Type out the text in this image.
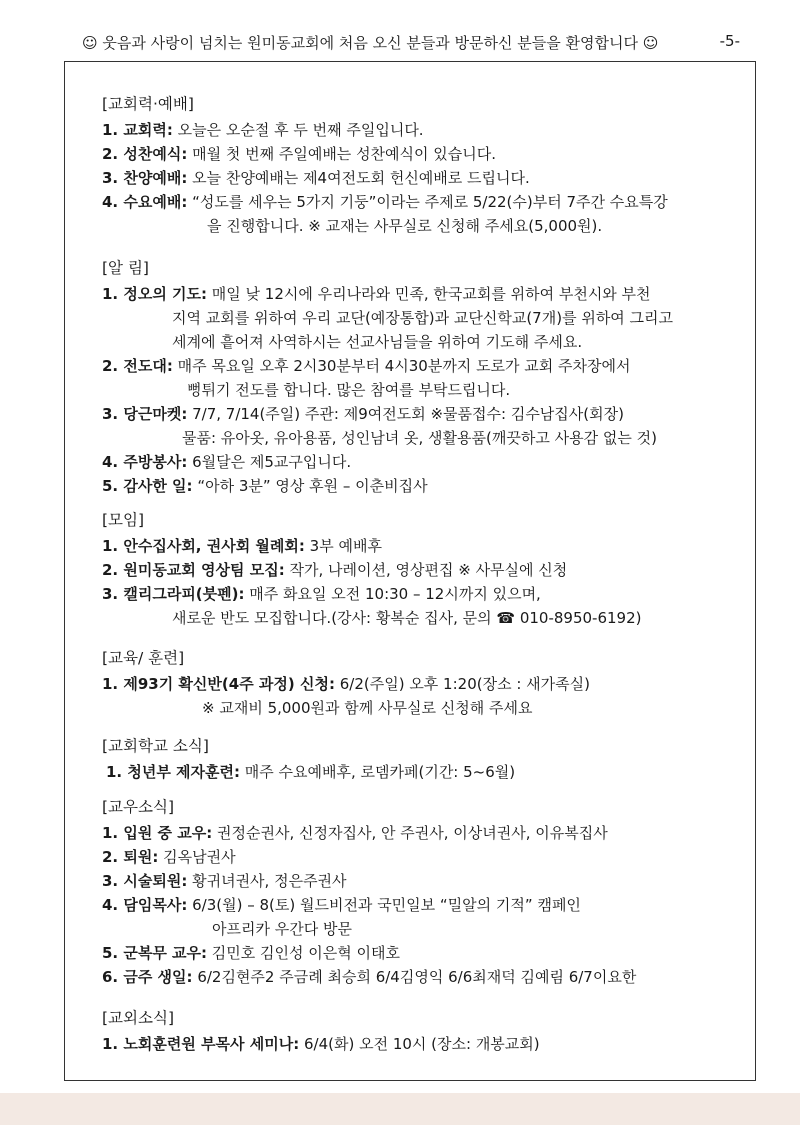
☺ 웃음과 사랑이 넘치는 원미동교회에 처음 오신 분들과 방문하신 분들을 환영합니다 ☺	-5-
[교회력·예배]
1. 교회력: 오늘은 오순절 후 두 번째 주일입니다.
2. 성찬예식: 매월 첫 번째 주일예배는 성찬예식이 있습니다.
3. 찬양예배: 오늘 찬양예배는 제4여전도회 헌신예배로 드립니다.
4. 수요예배: “성도를 세우는 5가지 기둥”이라는 주제로 5/22(수)부터 7주간 수요특강
을 진행합니다. ※ 교재는 사무실로 신청해 주세요(5,000원).
[알 림]
1. 정오의 기도: 매일 낮 12시에 우리나라와 민족, 한국교회를 위하여 부천시와 부천
지역 교회를 위하여 우리 교단(예장통합)과 교단신학교(7개)를 위하여 그리고
세계에 흩어져 사역하시는 선교사님들을 위하여 기도해 주세요.
2. 전도대: 매주 목요일 오후 2시30분부터 4시30분까지 도로가 교회 주차장에서
뻥튀기 전도를 합니다. 많은 참여를 부탁드립니다.
3. 당근마켓: 7/7, 7/14(주일) 주관: 제9여전도회 ※물품접수: 김수남집사(회장)
물품: 유아옷, 유아용품, 성인남녀 옷, 생활용품(깨끗하고 사용감 없는 것)
4. 주방봉사: 6월달은 제5교구입니다.
5. 감사한 일: “아하 3분” 영상 후원 – 이춘비집사
[모임]
1. 안수집사회, 권사회 월례회: 3부 예배후
2. 원미동교회 영상팀 모집: 작가, 나레이션, 영상편집 ※ 사무실에 신청
3. 캘리그라피(붓펜): 매주 화요일 오전 10:30 – 12시까지 있으며,
새로운 반도 모집합니다.(강사: 황복순 집사, 문의 ☎ 010-8950-6192)
[교육/ 훈련]
1. 제93기 확신반(4주 과정) 신청: 6/2(주일) 오후 1:20(장소 : 새가족실)
※ 교재비 5,000원과 함께 사무실로 신청해 주세요
[교회학교 소식]
1. 청년부 제자훈련: 매주 수요예배후, 로뎀카페(기간: 5~6월)
[교우소식]
1. 입원 중 교우: 권정순권사, 신정자집사, 안 주권사, 이상녀권사, 이유복집사
2. 퇴원: 김옥남권사
3. 시술퇴원: 황귀녀권사, 정은주권사
4. 담임목사: 6/3(월) – 8(토) 월드비전과 국민일보 “밀알의 기적” 캠페인
아프리카 우간다 방문
5. 군복무 교우: 김민호 김인성 이은혁 이태호
6. 금주 생일: 6/2김현주2 주금례 최승희 6/4김영익 6/6최재덕 김예림 6/7이요한
[교외소식]
1. 노회훈련원 부목사 세미나: 6/4(화) 오전 10시 (장소: 개봉교회)
